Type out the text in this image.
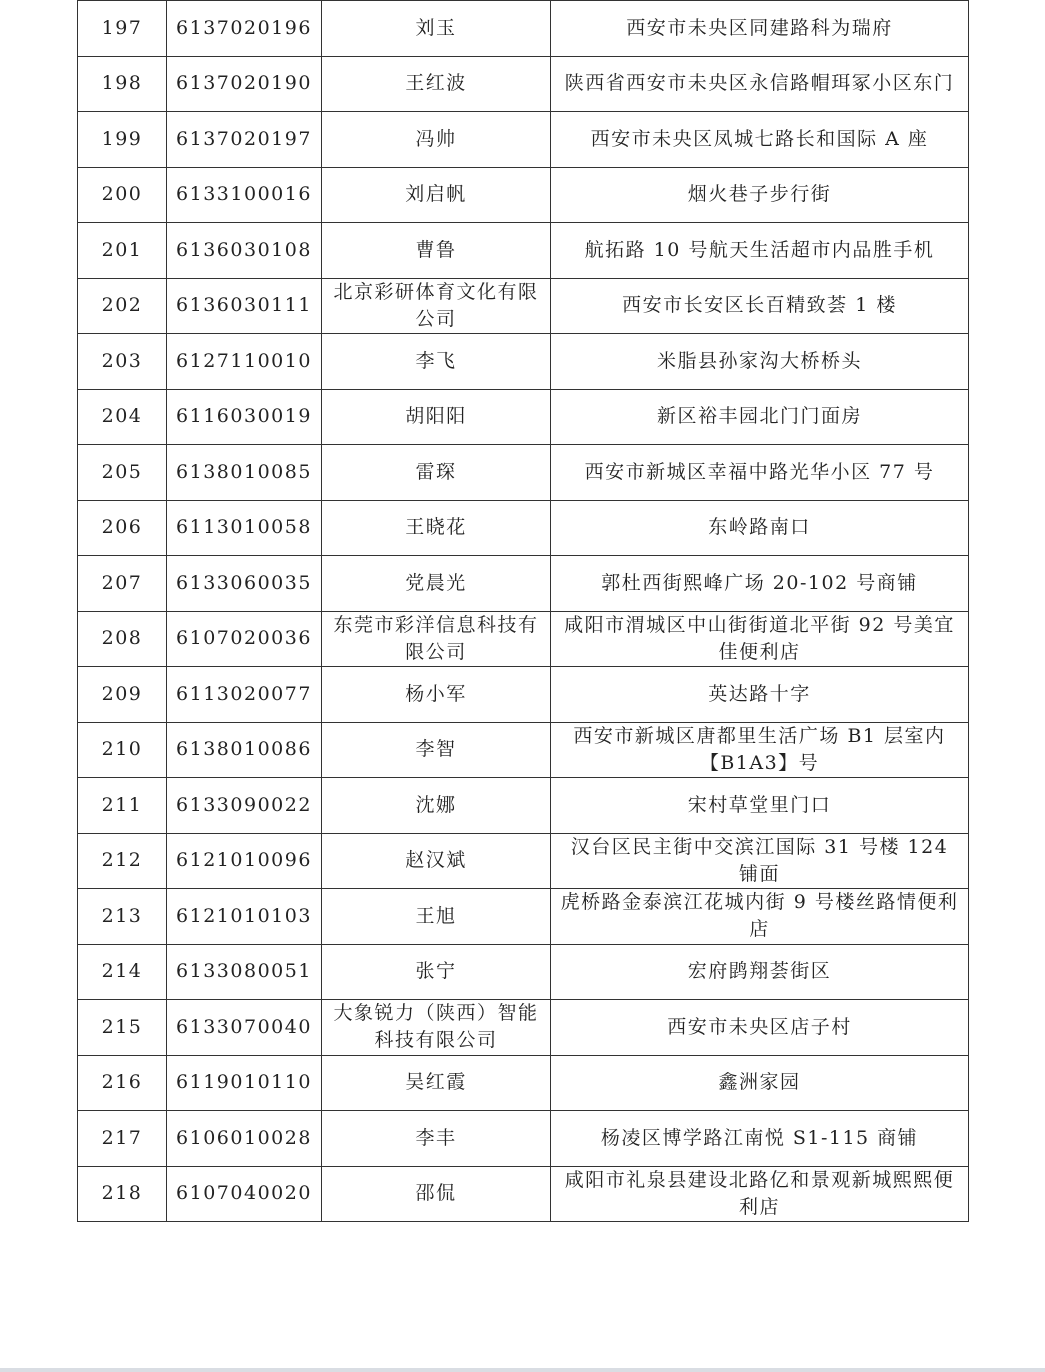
197	6137020196	刘玉	西安市未央区同建路科为瑞府
198	6137020190	王红波	陕西省西安市未央区永信路帽珥冢小区东门
199	6137020197	冯帅	西安市未央区凤城七路长和国际 A 座
200	6133100016	刘启帆	烟火巷子步行街
201	6136030108	曹鲁	航拓路 10 号航天生活超市内品胜手机
202	6136030111	北京彩研体育文化有限公司	西安市长安区长百精致荟 1 楼
203	6127110010	李飞	米脂县孙家沟大桥桥头
204	6116030019	胡阳阳	新区裕丰园北门门面房
205	6138010085	雷琛	西安市新城区幸福中路光华小区 77 号
206	6113010058	王晓花	东岭路南口
207	6133060035	党晨光	郭杜西街熙峰广场 20-102 号商铺
208	6107020036	东莞市彩洋信息科技有限公司	咸阳市渭城区中山街街道北平街 92 号美宜佳便利店
209	6113020077	杨小军	英达路十字
210	6138010086	李智	西安市新城区唐都里生活广场 B1 层室内【B1A3】号
211	6133090022	沈娜	宋村草堂里门口
212	6121010096	赵汉斌	汉台区民主街中交滨江国际 31 号楼 124 铺面
213	6121010103	王旭	虎桥路金泰滨江花城内街 9 号楼丝路情便利店
214	6133080051	张宁	宏府鹍翔荟街区
215	6133070040	大象锐力（陕西）智能科技有限公司	西安市未央区店子村
216	6119010110	吴红霞	鑫洲家园
217	6106010028	李丰	杨凌区博学路江南悦 S1-115 商铺
218	6107040020	邵侃	咸阳市礼泉县建设北路亿和景观新城熙熙便利店
